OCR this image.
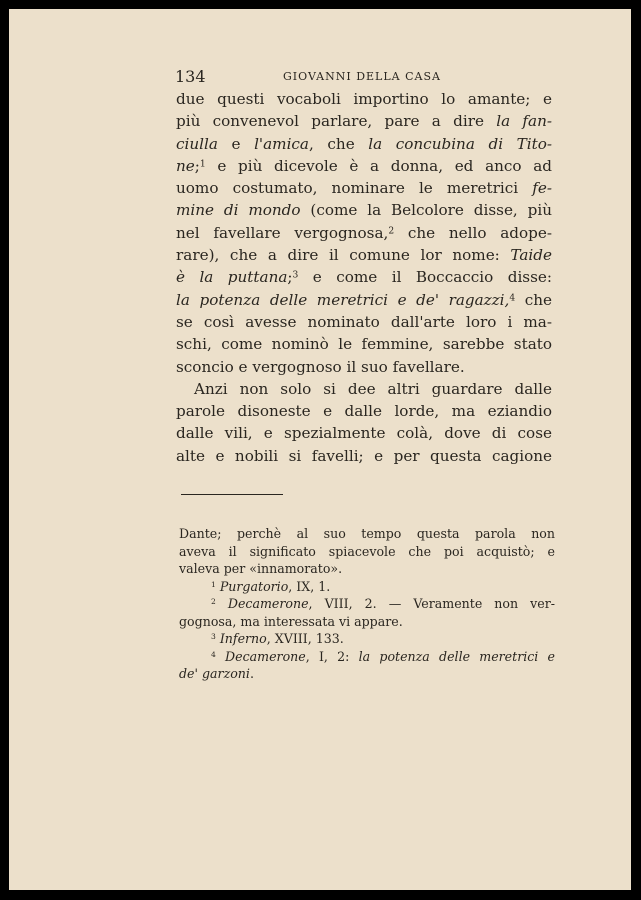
134	GIOVANNI DELLA CASA
due questi vocaboli importino lo amante; e
più convenevol parlare, pare a dire la fan-
ciulla e l'amica, che la concubina di Tito-
ne;$^1$ e più dicevole è a donna, ed anco ad
uomo costumato, nominare le meretrici fe-
mine di mondo (come la Belcolore disse, più
nel favellare vergognosa,$^2$ che nello adope-
rare), che a dire il comune lor nome: Taide
è la puttana;$^3$ e come il Boccaccio disse:
la potenza delle meretrici e de' ragazzi,$^4$ che
se così avesse nominato dall'arte loro i ma-
schi, come nominò le femmine, sarebbe stato
sconcio e vergognoso il suo favellare.
Anzi non solo si dee altri guardare dalle
parole disoneste e dalle lorde, ma eziandio
dalle vili, e spezialmente colà, dove di cose
alte e nobili si favelli; e per questa cagione
Dante; perchè al suo tempo questa parola non
aveva il significato spiacevole che poi acquistò; e
valeva per «innamorato».
$^1$ Purgatorio, IX, 1.
$^2$ Decamerone, VIII, 2. — Veramente non ver-
gognosa, ma interessata vi appare.
$^3$ Inferno, XVIII, 133.
$^4$ Decamerone, I, 2: la potenza delle meretrici e
de' garzoni.
